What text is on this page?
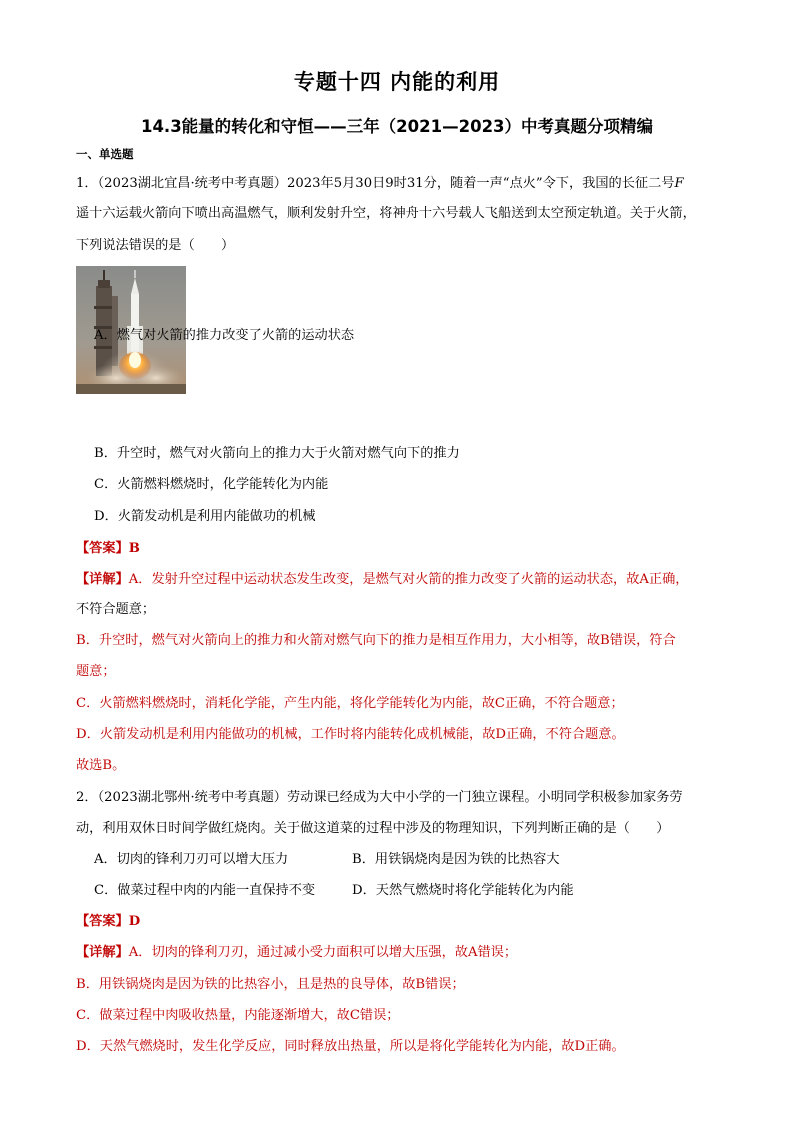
专题十四 内能的利用
14.3能量的转化和守恒——三年（2021—2023）中考真题分项精编
一、单选题
1．（2023湖北宜昌·统考中考真题）2023年5月30日9时31分，随着一声“点火”令下，我国的长征二号F
遥十六运载火箭向下喷出高温燃气，顺利发射升空，将神舟十六号载人飞船送到太空预定轨道。关于火箭，
下列说法错误的是（　　）
A．燃气对火箭的推力改变了火箭的运动状态
B．升空时，燃气对火箭向上的推力大于火箭对燃气向下的推力
C．火箭燃料燃烧时，化学能转化为内能
D．火箭发动机是利用内能做功的机械
【答案】B
【详解】A．发射升空过程中运动状态发生改变，是燃气对火箭的推力改变了火箭的运动状态，故A正确，
不符合题意；
B．升空时，燃气对火箭向上的推力和火箭对燃气向下的推力是相互作用力，大小相等，故B错误，符合
题意；
C．火箭燃料燃烧时，消耗化学能，产生内能，将化学能转化为内能，故C正确，不符合题意；
D．火箭发动机是利用内能做功的机械，工作时将内能转化成机械能，故D正确，不符合题意。
故选B。
2．（2023湖北鄂州·统考中考真题）劳动课已经成为大中小学的一门独立课程。小明同学积极参加家务劳
动，利用双休日时间学做红烧肉。关于做这道菜的过程中涉及的物理知识，下列判断正确的是（　　）
A．切肉的锋利刀刃可以增大压力	B．用铁锅烧肉是因为铁的比热容大
C．做菜过程中肉的内能一直保持不变	D．天然气燃烧时将化学能转化为内能
【答案】D
【详解】A．切肉的锋利刀刃，通过减小受力面积可以增大压强，故A错误；
B．用铁锅烧肉是因为铁的比热容小，且是热的良导体，故B错误；
C．做菜过程中肉吸收热量，内能逐渐增大，故C错误；
D．天然气燃烧时，发生化学反应，同时释放出热量，所以是将化学能转化为内能，故D正确。
